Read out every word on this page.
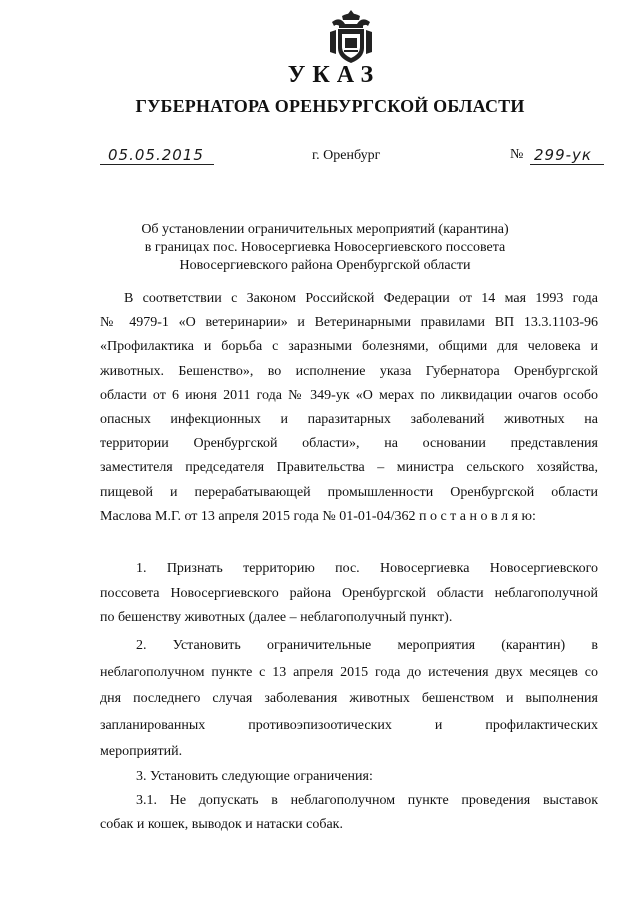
УКАЗ
ГУБЕРНАТОРА ОРЕНБУРГСКОЙ ОБЛАСТИ
05.05.2015	г. Оренбург	№ 299-ук
Об установлении ограничительных мероприятий (карантина)
в границах пос. Новосергиевка Новосергиевского поссовета
Новосергиевского района Оренбургской области
В соответствии с Законом Российской Федерации от 14 мая 1993 года
№ 4979-1 «О ветеринарии» и Ветеринарными правилами ВП 13.3.1103-96
«Профилактика и борьба с заразными болезнями, общими для человека и
животных. Бешенство», во исполнение указа Губернатора Оренбургской
области от 6 июня 2011 года № 349-ук «О мерах по ликвидации очагов особо
опасных инфекционных и паразитарных заболеваний животных на
территории Оренбургской области», на основании представления
заместителя председателя Правительства – министра сельского хозяйства,
пищевой и перерабатывающей промышленности Оренбургской области
Маслова М.Г. от 13 апреля 2015 года № 01-01-04/362 п о с т а н о в л я ю:
1. Признать территорию пос. Новосергиевка Новосергиевского
поссовета Новосергиевского района Оренбургской области неблагополучной
по бешенству животных (далее – неблагополучный пункт).
2. Установить ограничительные мероприятия (карантин) в
неблагополучном пункте с 13 апреля 2015 года до истечения двух месяцев со
дня последнего случая заболевания животных бешенством и выполнения
запланированных противоэпизоотических и профилактических
мероприятий.
3. Установить следующие ограничения:
3.1. Не допускать в неблагополучном пункте проведения выставок
собак и кошек, выводок и натаски собак.
